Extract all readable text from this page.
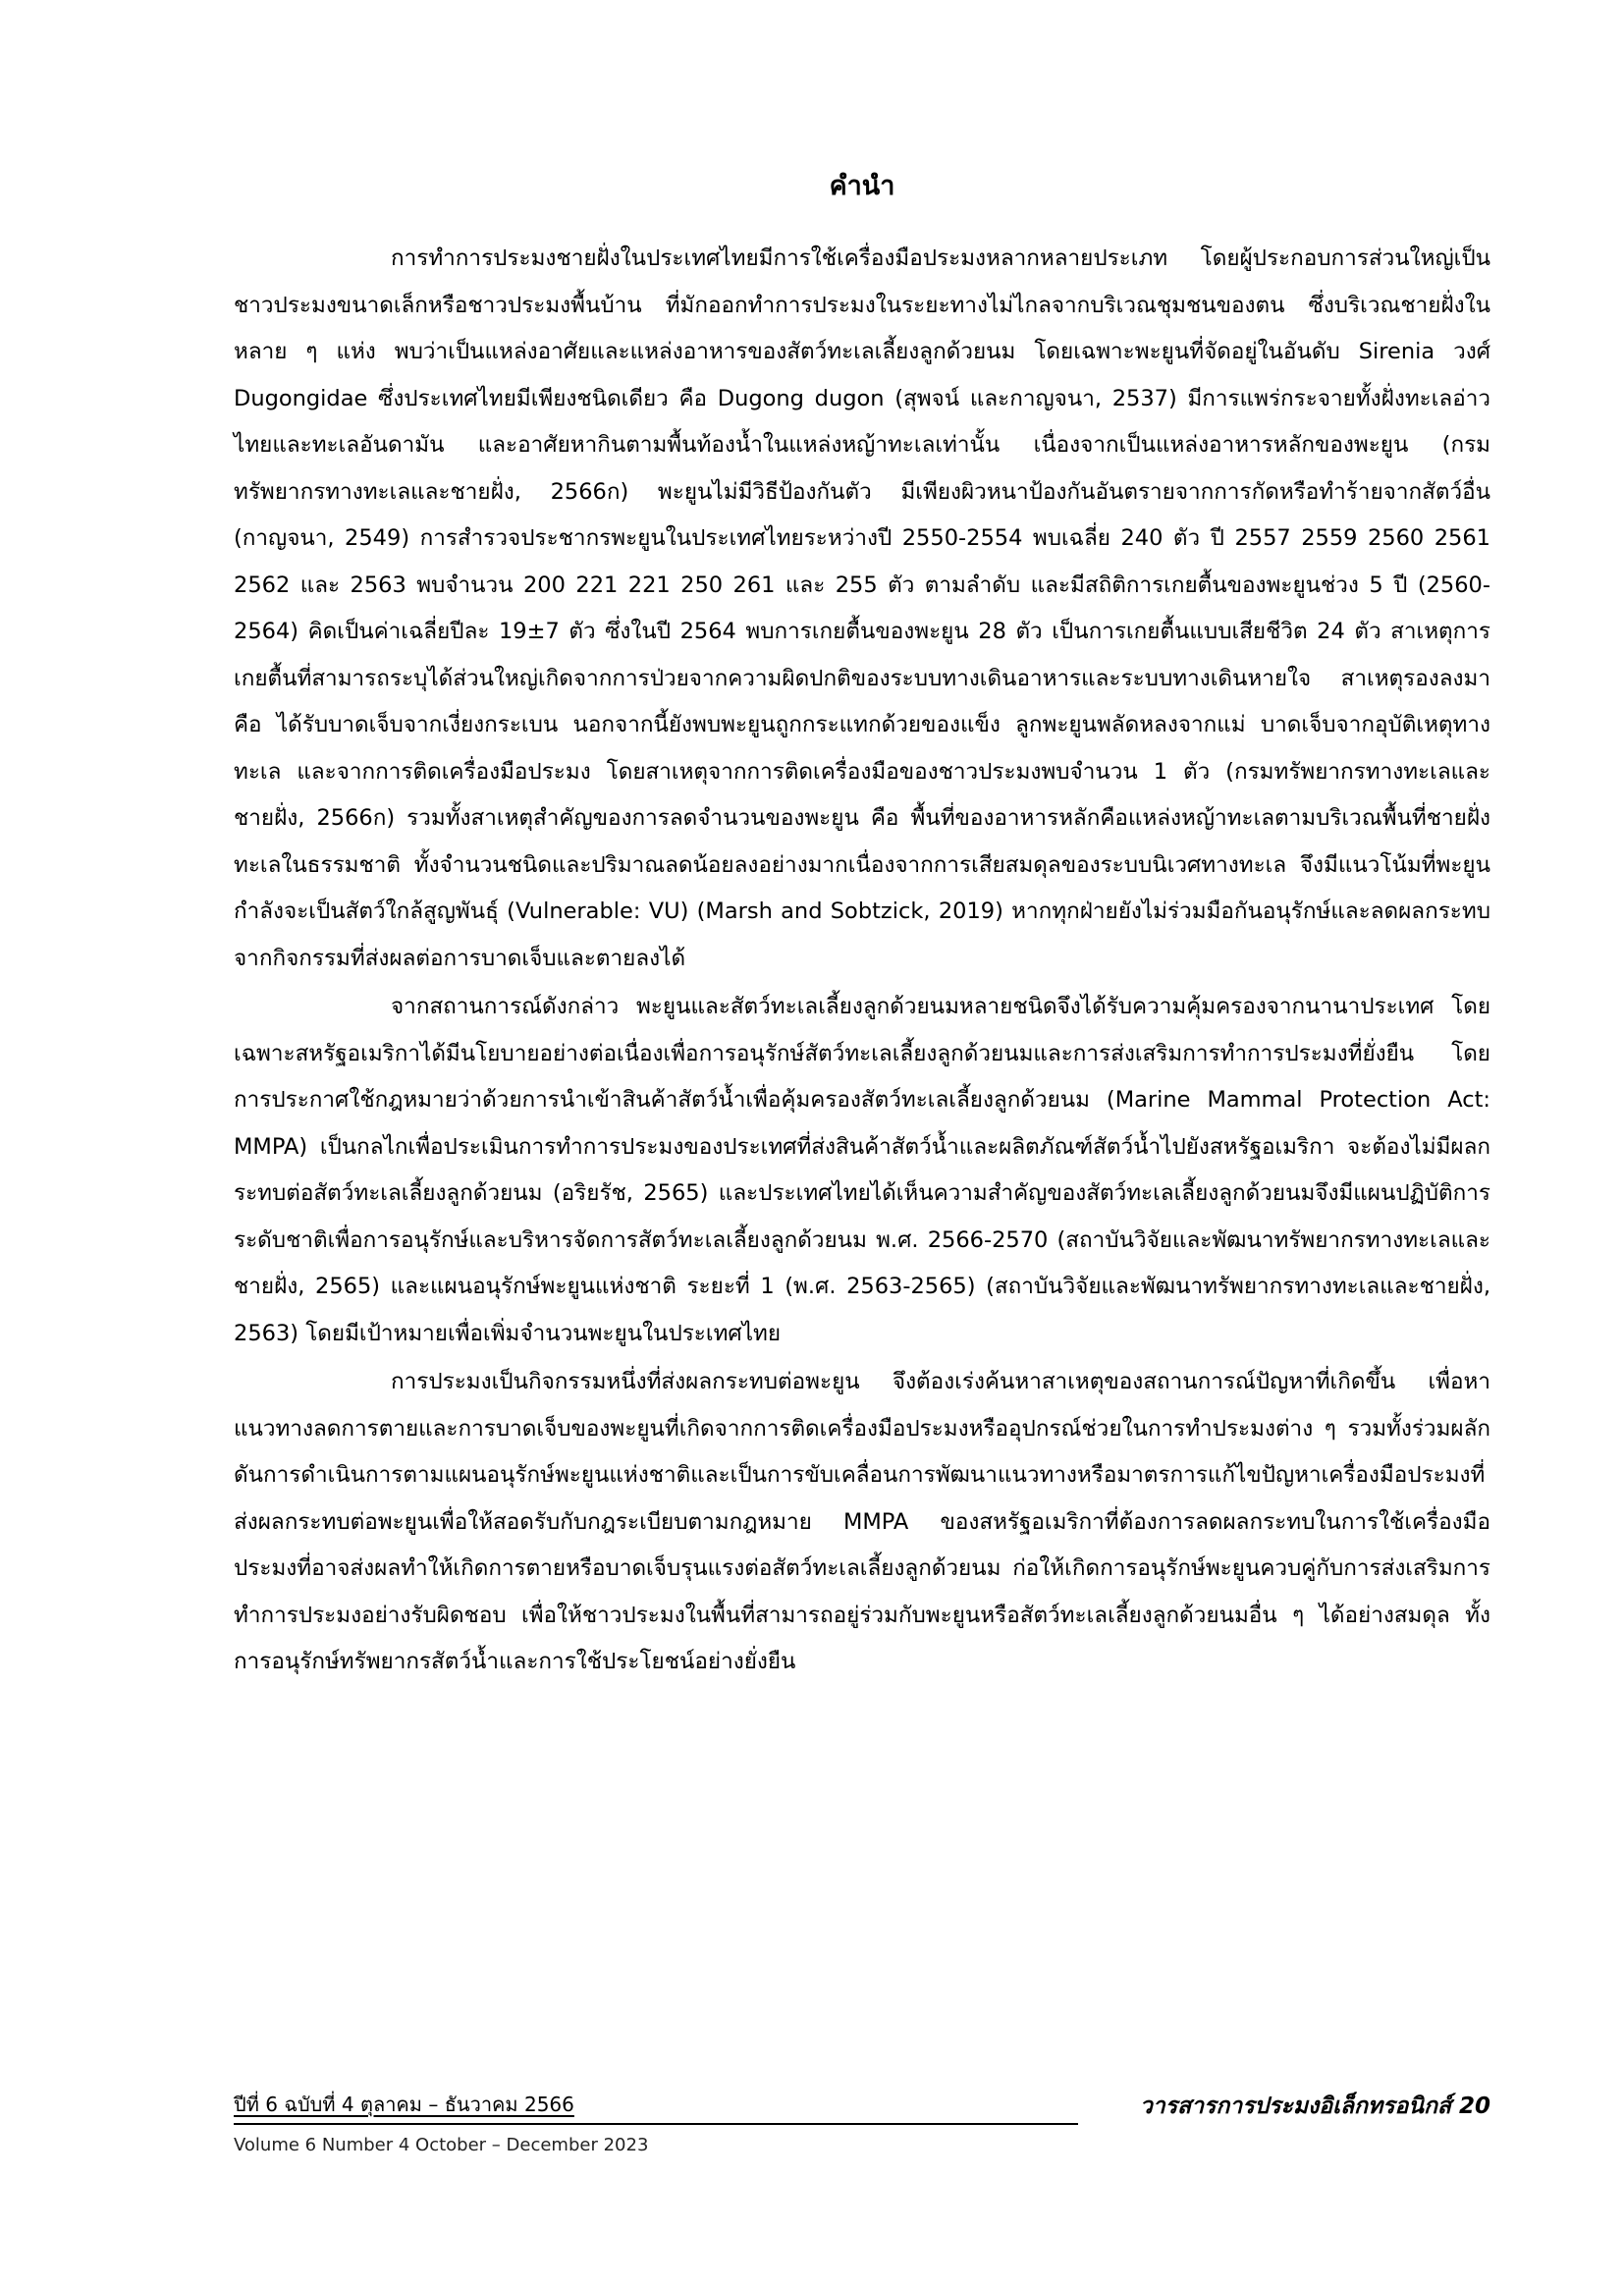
คำนำ

การทำการประมงชายฝั่งในประเทศไทยมีการใช้เครื่องมือประมงหลากหลายประเภท โดยผู้ประกอบการส่วนใหญ่เป็นชาวประมงขนาดเล็กหรือชาวประมงพื้นบ้าน ที่มักออกทำการประมงในระยะทางไม่ไกลจากบริเวณชุมชนของตน ซึ่งบริเวณชายฝั่งในหลาย ๆ แห่ง พบว่าเป็นแหล่งอาศัยและแหล่งอาหารของสัตว์ทะเลเลี้ยงลูกด้วยนม โดยเฉพาะพะยูนที่จัดอยู่ในอันดับ Sirenia วงศ์ Dugongidae ซึ่งประเทศไทยมีเพียงชนิดเดียว คือ Dugong dugon (สุพจน์ และกาญจนา, 2537) มีการแพร่กระจายทั้งฝั่งทะเลอ่าวไทยและทะเลอันดามัน และอาศัยหากินตามพื้นท้องน้ำในแหล่งหญ้าทะเลเท่านั้น เนื่องจากเป็นแหล่งอาหารหลักของพะยูน (กรมทรัพยากรทางทะเลและชายฝั่ง, 2566ก) พะยูนไม่มีวิธีป้องกันตัว มีเพียงผิวหนาป้องกันอันตรายจากการกัดหรือทำร้ายจากสัตว์อื่น (กาญจนา, 2549) การสำรวจประชากรพะยูนในประเทศไทยระหว่างปี 2550-2554 พบเฉลี่ย 240 ตัว ปี 2557 2559 2560 2561 2562 และ 2563 พบจำนวน 200 221 221 250 261 และ 255 ตัว ตามลำดับ และมีสถิติการเกยตื้นของพะยูนช่วง 5 ปี (2560-2564) คิดเป็นค่าเฉลี่ยปีละ 19±7 ตัว ซึ่งในปี 2564 พบการเกยตื้นของพะยูน 28 ตัว เป็นการเกยตื้นแบบเสียชีวิต 24 ตัว สาเหตุการเกยตื้นที่สามารถระบุได้ส่วนใหญ่เกิดจากการป่วยจากความผิดปกติของระบบทางเดินอาหารและระบบทางเดินหายใจ สาเหตุรองลงมา คือ ได้รับบาดเจ็บจากเงี่ยงกระเบน นอกจากนี้ยังพบพะยูนถูกกระแทกด้วยของแข็ง ลูกพะยูนพลัดหลงจากแม่ บาดเจ็บจากอุบัติเหตุทางทะเล และจากการติดเครื่องมือประมง โดยสาเหตุจากการติดเครื่องมือของชาวประมงพบจำนวน 1 ตัว (กรมทรัพยากรทางทะเลและชายฝั่ง, 2566ก) รวมทั้งสาเหตุสำคัญของการลดจำนวนของพะยูน คือ พื้นที่ของอาหารหลักคือแหล่งหญ้าทะเลตามบริเวณพื้นที่ชายฝั่งทะเลในธรรมชาติ ทั้งจำนวนชนิดและปริมาณลดน้อยลงอย่างมากเนื่องจากการเสียสมดุลของระบบนิเวศทางทะเล จึงมีแนวโน้มที่พะยูนกำลังจะเป็นสัตว์ใกล้สูญพันธุ์ (Vulnerable: VU) (Marsh and Sobtzick, 2019) หากทุกฝ่ายยังไม่ร่วมมือกันอนุรักษ์และลดผลกระทบจากกิจกรรมที่ส่งผลต่อการบาดเจ็บและตายลงได้

จากสถานการณ์ดังกล่าว พะยูนและสัตว์ทะเลเลี้ยงลูกด้วยนมหลายชนิดจึงได้รับความคุ้มครองจากนานาประเทศ โดยเฉพาะสหรัฐอเมริกาได้มีนโยบายอย่างต่อเนื่องเพื่อการอนุรักษ์สัตว์ทะเลเลี้ยงลูกด้วยนมและการส่งเสริมการทำการประมงที่ยั่งยืน โดยการประกาศใช้กฎหมายว่าด้วยการนำเข้าสินค้าสัตว์น้ำเพื่อคุ้มครองสัตว์ทะเลเลี้ยงลูกด้วยนม (Marine Mammal Protection Act: MMPA) เป็นกลไกเพื่อประเมินการทำการประมงของประเทศที่ส่งสินค้าสัตว์น้ำและผลิตภัณฑ์สัตว์น้ำไปยังสหรัฐอเมริกา จะต้องไม่มีผลกระทบต่อสัตว์ทะเลเลี้ยงลูกด้วยนม (อริยรัช, 2565) และประเทศไทยได้เห็นความสำคัญของสัตว์ทะเลเลี้ยงลูกด้วยนมจึงมีแผนปฏิบัติการระดับชาติเพื่อการอนุรักษ์และบริหารจัดการสัตว์ทะเลเลี้ยงลูกด้วยนม พ.ศ. 2566-2570 (สถาบันวิจัยและพัฒนาทรัพยากรทางทะเลและชายฝั่ง, 2565) และแผนอนุรักษ์พะยูนแห่งชาติ ระยะที่ 1 (พ.ศ. 2563-2565) (สถาบันวิจัยและพัฒนาทรัพยากรทางทะเลและชายฝั่ง, 2563) โดยมีเป้าหมายเพื่อเพิ่มจำนวนพะยูนในประเทศไทย

การประมงเป็นกิจกรรมหนึ่งที่ส่งผลกระทบต่อพะยูน จึงต้องเร่งค้นหาสาเหตุของสถานการณ์ปัญหาที่เกิดขึ้น เพื่อหาแนวทางลดการตายและการบาดเจ็บของพะยูนที่เกิดจากการติดเครื่องมือประมงหรืออุปกรณ์ช่วยในการทำประมงต่าง ๆ รวมทั้งร่วมผลักดันการดำเนินการตามแผนอนุรักษ์พะยูนแห่งชาติและเป็นการขับเคลื่อนการพัฒนาแนวทางหรือมาตรการแก้ไขปัญหาเครื่องมือประมงที่ส่งผลกระทบต่อพะยูนเพื่อให้สอดรับกับกฎระเบียบตามกฎหมาย MMPA ของสหรัฐอเมริกาที่ต้องการลดผลกระทบในการใช้เครื่องมือประมงที่อาจส่งผลทำให้เกิดการตายหรือบาดเจ็บรุนแรงต่อสัตว์ทะเลเลี้ยงลูกด้วยนม ก่อให้เกิดการอนุรักษ์พะยูนควบคู่กับการส่งเสริมการทำการประมงอย่างรับผิดชอบ เพื่อให้ชาวประมงในพื้นที่สามารถอยู่ร่วมกับพะยูนหรือสัตว์ทะเลเลี้ยงลูกด้วยนมอื่น ๆ ได้อย่างสมดุล ทั้งการอนุรักษ์ทรัพยากรสัตว์น้ำและการใช้ประโยชน์อย่างยั่งยืน

ปีที่ 6 ฉบับที่ 4 ตุลาคม – ธันวาคม 2566	วารสารการประมงอิเล็กทรอนิกส์ 20
Volume 6 Number 4 October – December 2023
